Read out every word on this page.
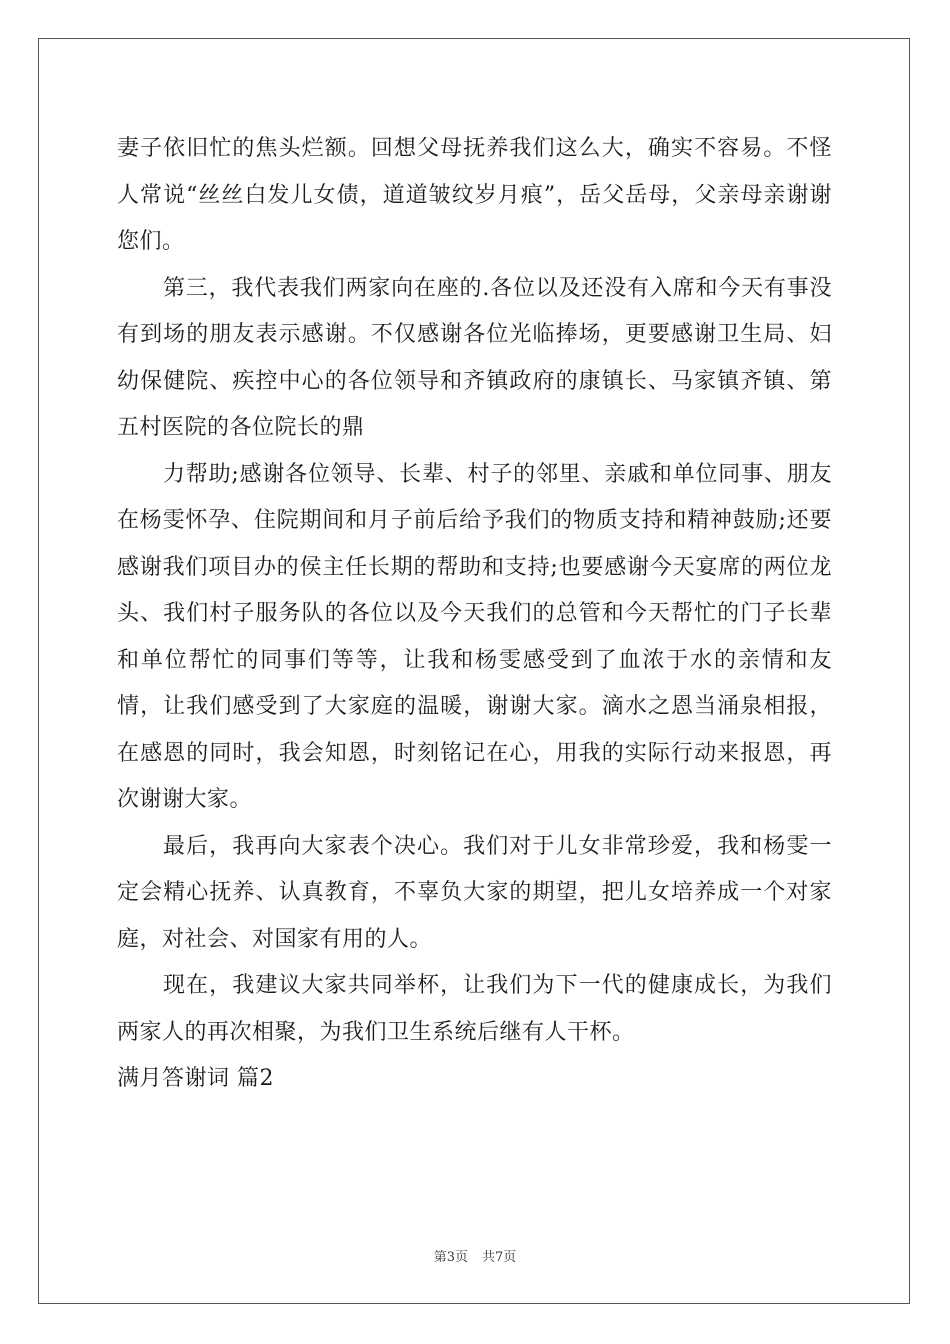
妻子依旧忙的焦头烂额。回想父母抚养我们这么大，确实不容易。不怪人常说“丝丝白发儿女债，道道皱纹岁月痕”，岳父岳母，父亲母亲谢谢您们。

第三，我代表我们两家向在座的.各位以及还没有入席和今天有事没有到场的朋友表示感谢。不仅感谢各位光临捧场，更要感谢卫生局、妇幼保健院、疾控中心的各位领导和齐镇政府的康镇长、马家镇齐镇、第五村医院的各位院长的鼎

力帮助;感谢各位领导、长辈、村子的邻里、亲戚和单位同事、朋友在杨雯怀孕、住院期间和月子前后给予我们的物质支持和精神鼓励;还要感谢我们项目办的侯主任长期的帮助和支持;也要感谢今天宴席的两位龙头、我们村子服务队的各位以及今天我们的总管和今天帮忙的门子长辈和单位帮忙的同事们等等，让我和杨雯感受到了血浓于水的亲情和友情，让我们感受到了大家庭的温暖，谢谢大家。滴水之恩当涌泉相报，在感恩的同时，我会知恩，时刻铭记在心，用我的实际行动来报恩，再次谢谢大家。

最后，我再向大家表个决心。我们对于儿女非常珍爱，我和杨雯一定会精心抚养、认真教育，不辜负大家的期望，把儿女培养成一个对家庭，对社会、对国家有用的人。

现在，我建议大家共同举杯，让我们为下一代的健康成长，为我们两家人的再次相聚，为我们卫生系统后继有人干杯。

满月答谢词 篇2

第3页 共7页
